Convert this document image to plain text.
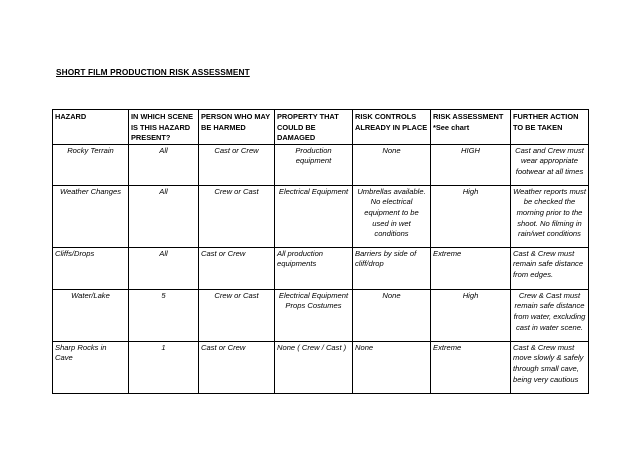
SHORT FILM PRODUCTION RISK ASSESSMENT
HAZARD	IN WHICH SCENE IS THIS HAZARD PRESENT?	PERSON WHO MAY BE HARMED	PROPERTY THAT COULD BE DAMAGED	RISK CONTROLS ALREADY IN PLACE	RISK ASSESSMENT *See chart	FURTHER ACTION TO BE TAKEN
Rocky Terrain	All	Cast or Crew	Production equipment	None	HIGH	Cast and Crew must wear appropriate footwear at all times
Weather Changes	All	Crew or Cast	Electrical Equipment	Umbrellas available. No electrical equipment to be used in wet conditions	High	Weather reports must be checked the morning prior to the shoot. No filming in rain/wet conditions
Cliffs/Drops	All	Cast or Crew	All production equipments	Barriers by side of cliff/drop	Extreme	Cast & Crew must remain safe distance from edges.
Water/Lake	5	Crew or Cast	Electrical Equipment Props Costumes	None	High	Crew & Cast must remain safe distance from water, excluding cast in water scene.
Sharp Rocks in Cave	1	Cast or Crew	None ( Crew / Cast )	None	Extreme	Cast & Crew must move slowly & safely through small cave, being very cautious
